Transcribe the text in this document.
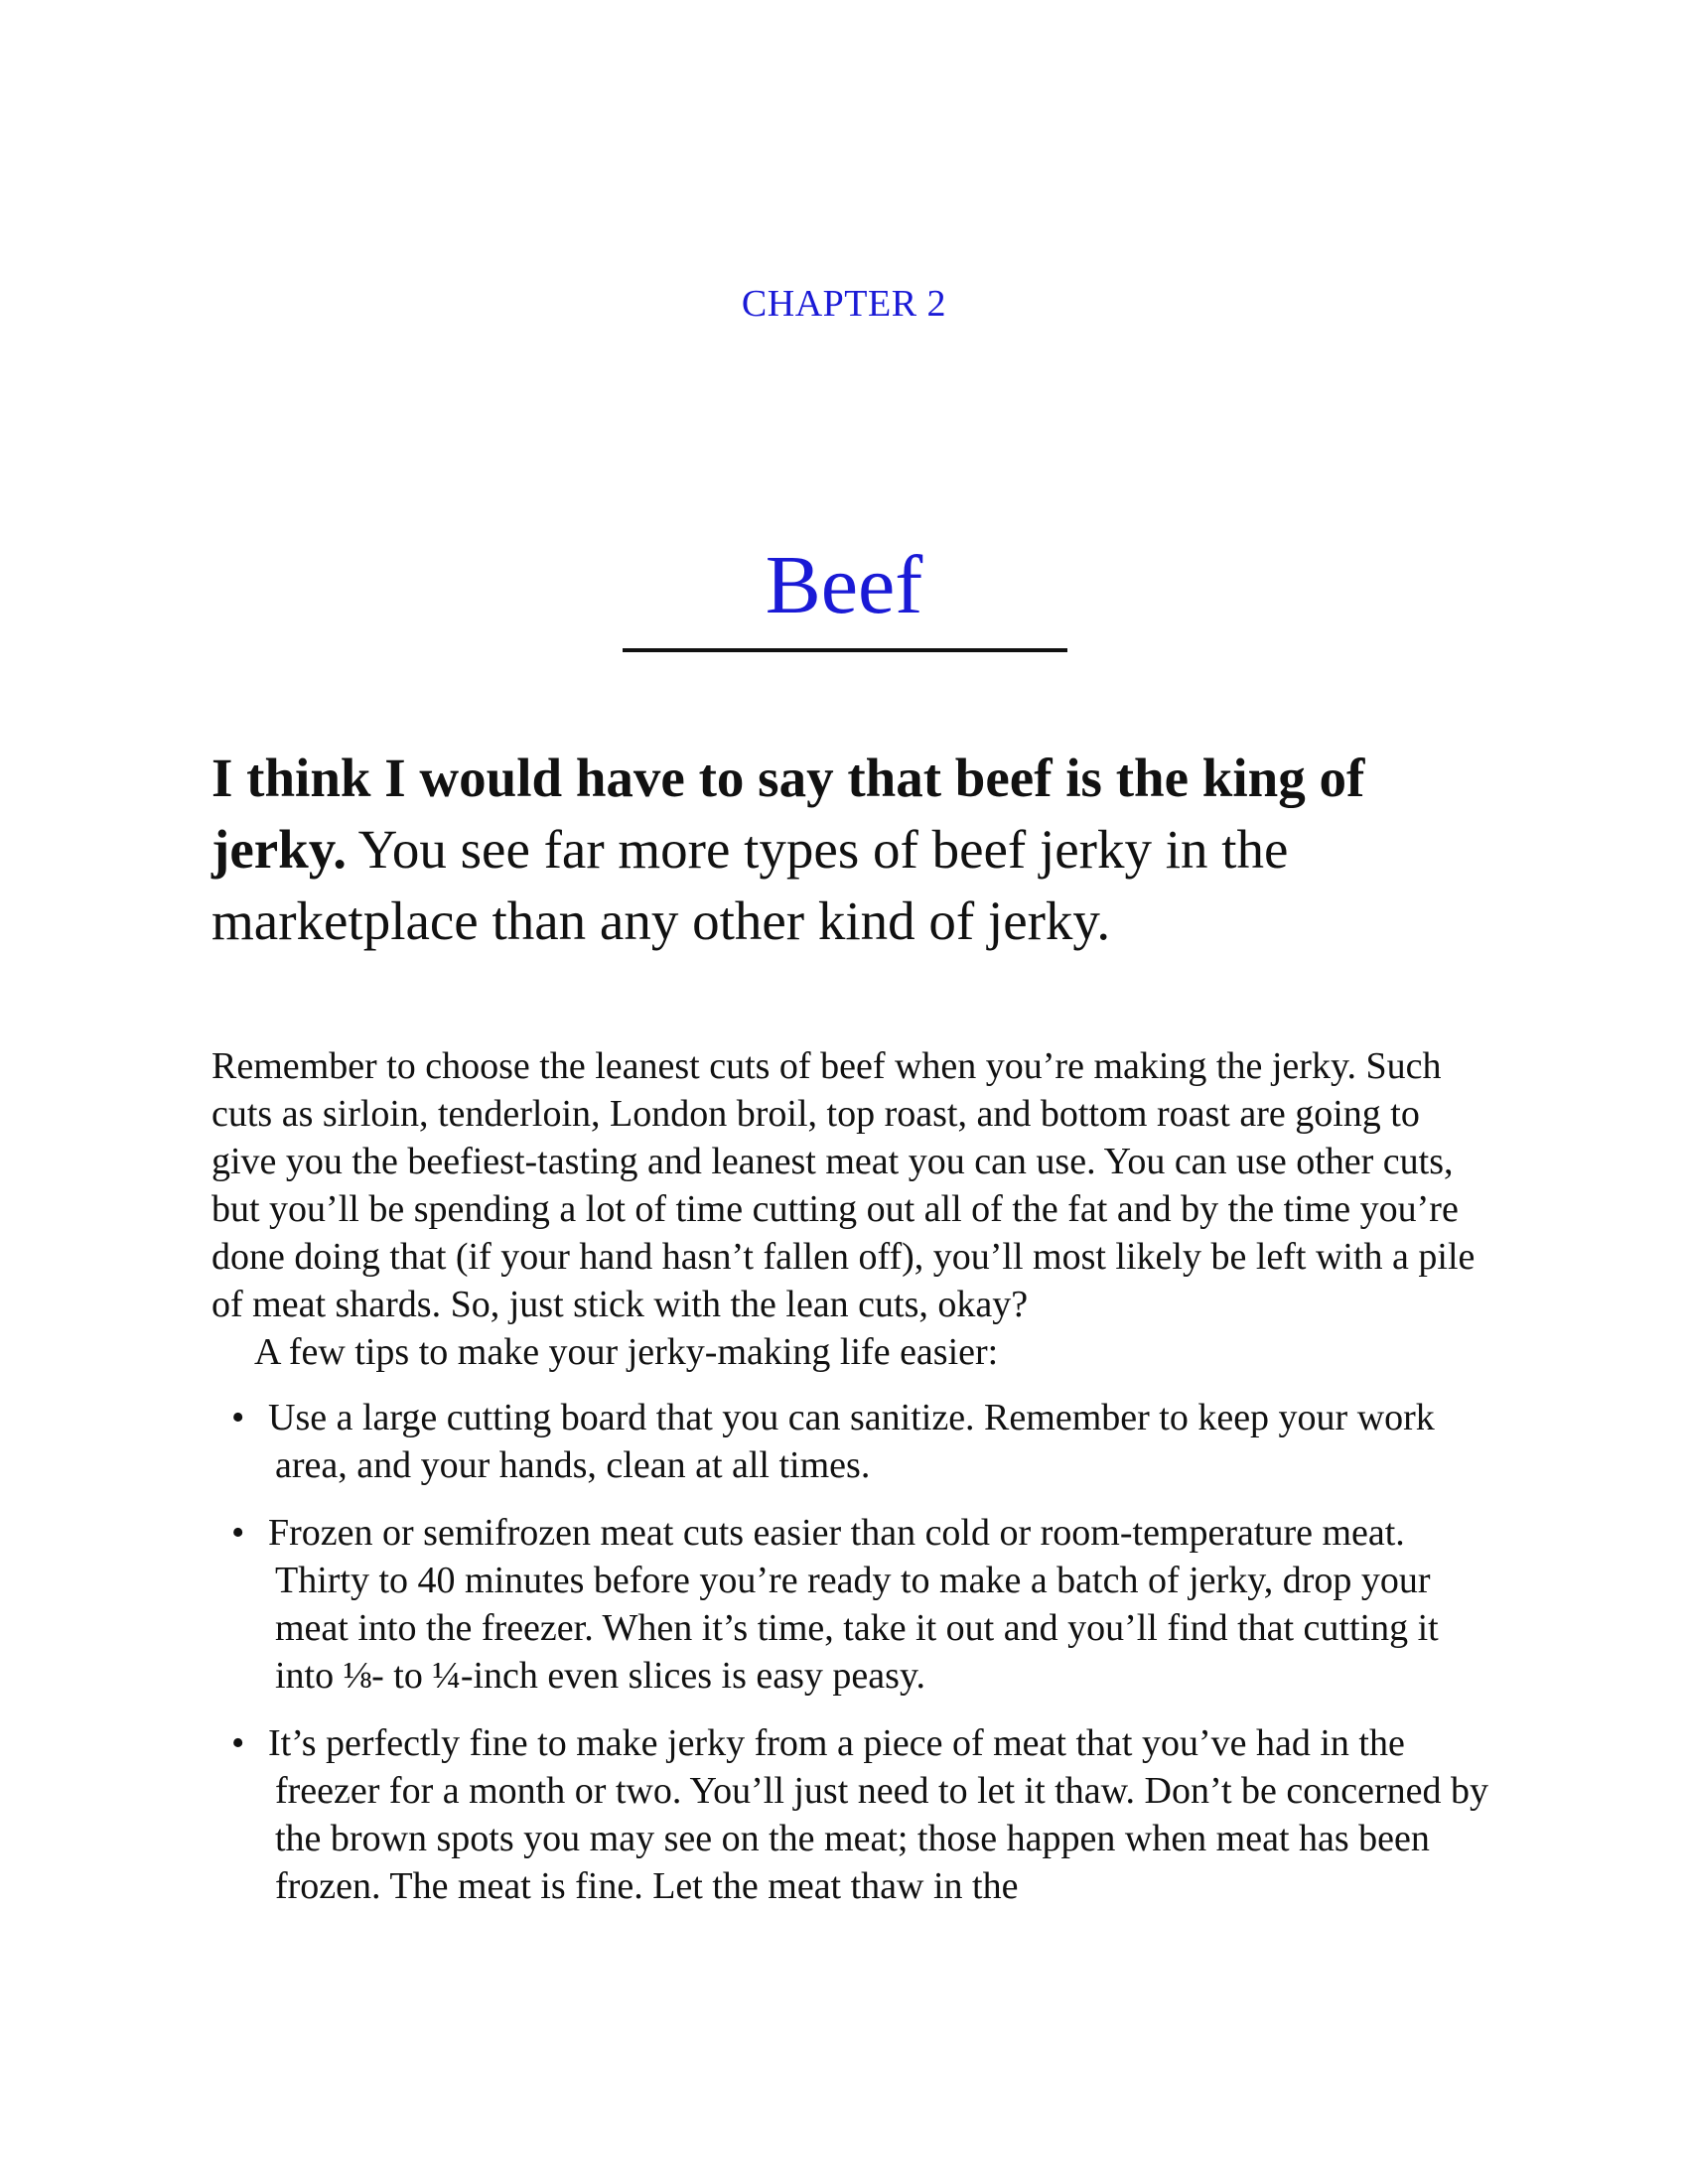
CHAPTER 2
Beef
I think I would have to say that beef is the king of jerky. You see far more types of beef jerky in the marketplace than any other kind of jerky.

Remember to choose the leanest cuts of beef when you’re making the jerky. Such cuts as sirloin, tenderloin, London broil, top roast, and bottom roast are going to give you the beefiest-tasting and leanest meat you can use. You can use other cuts, but you’ll be spending a lot of time cutting out all of the fat and by the time you’re done doing that (if your hand hasn’t fallen off), you’ll most likely be left with a pile of meat shards. So, just stick with the lean cuts, okay?

A few tips to make your jerky-making life easier:

• Use a large cutting board that you can sanitize. Remember to keep your work area, and your hands, clean at all times.
• Frozen or semifrozen meat cuts easier than cold or room-temperature meat. Thirty to 40 minutes before you’re ready to make a batch of jerky, drop your meat into the freezer. When it’s time, take it out and you’ll find that cutting it into ⅛- to ¼-inch even slices is easy peasy.
• It’s perfectly fine to make jerky from a piece of meat that you’ve had in the freezer for a month or two. You’ll just need to let it thaw. Don’t be concerned by the brown spots you may see on the meat; those happen when meat has been frozen. The meat is fine. Let the meat thaw in the
